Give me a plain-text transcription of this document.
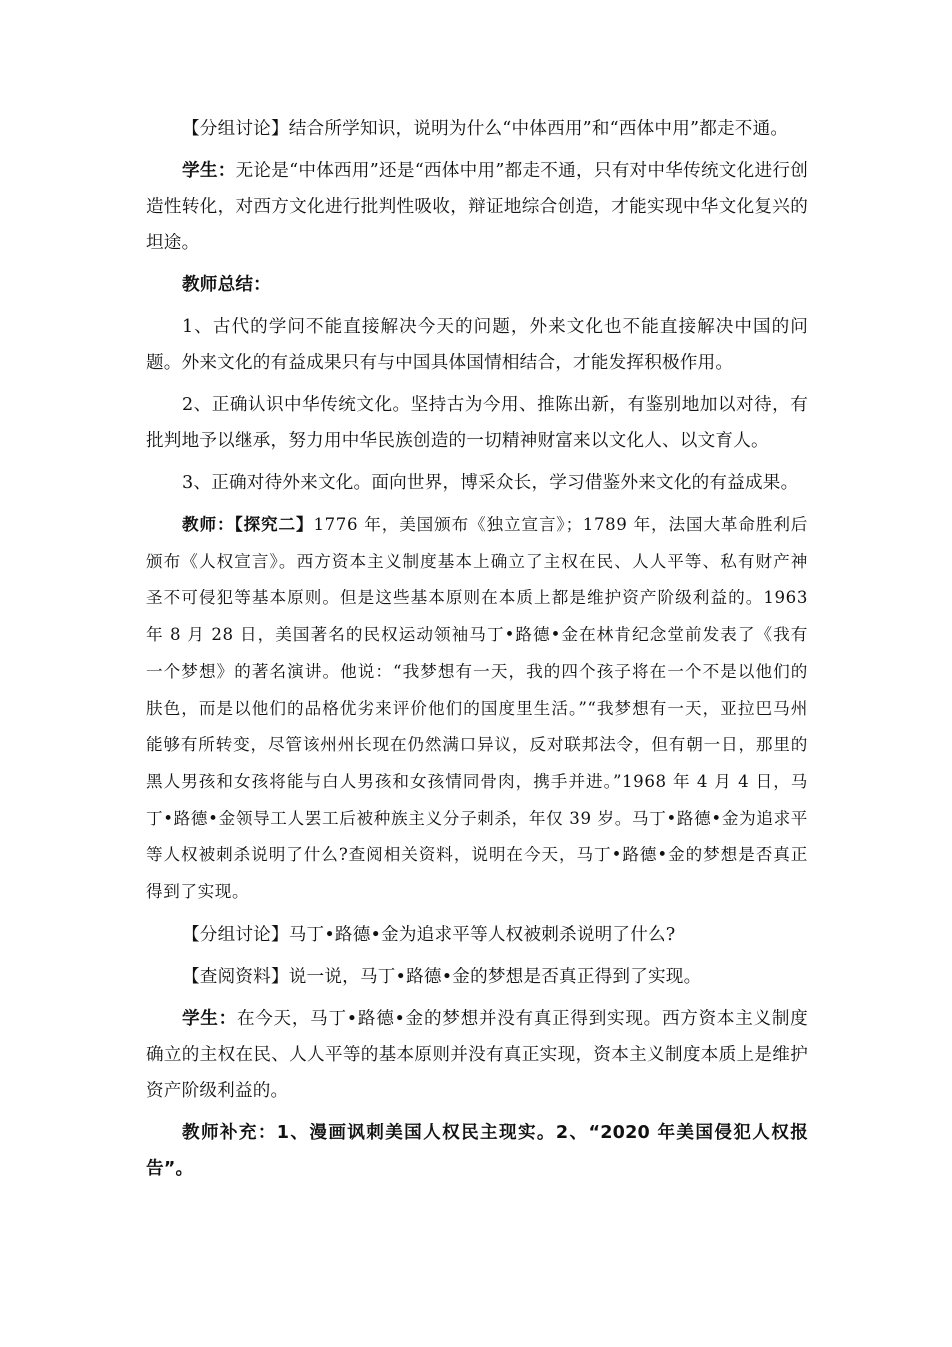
【分组讨论】结合所学知识，说明为什么“中体西用”和“西体中用”都走不通。

学生：无论是“中体西用”还是“西体中用”都走不通，只有对中华传统文化进行创造性转化，对西方文化进行批判性吸收，辩证地综合创造，才能实现中华文化复兴的坦途。

教师总结：

1、古代的学问不能直接解决今天的问题，外来文化也不能直接解决中国的问题。外来文化的有益成果只有与中国具体国情相结合，才能发挥积极作用。

2、正确认识中华传统文化。坚持古为今用、推陈出新，有鉴别地加以对待，有批判地予以继承，努力用中华民族创造的一切精神财富来以文化人、以文育人。

3、正确对待外来文化。面向世界，博采众长，学习借鉴外来文化的有益成果。

教师：【探究二】1776 年，美国颁布《独立宣言》；1789 年，法国大革命胜利后颁布《人权宣言》。西方资本主义制度基本上确立了主权在民、人人平等、私有财产神圣不可侵犯等基本原则。但是这些基本原则在本质上都是维护资产阶级利益的。1963 年 8 月 28 日，美国著名的民权运动领袖马丁•路德•金在林肯纪念堂前发表了《我有一个梦想》的著名演讲。他说：“我梦想有一天，我的四个孩子将在一个不是以他们的肤色，而是以他们的品格优劣来评价他们的国度里生活。”“我梦想有一天，亚拉巴马州能够有所转变，尽管该州州长现在仍然满口异议，反对联邦法令，但有朝一日，那里的黑人男孩和女孩将能与白人男孩和女孩情同骨肉，携手并进。”1968 年 4 月 4 日，马丁•路德•金领导工人罢工后被种族主义分子刺杀，年仅 39 岁。马丁•路德•金为追求平等人权被刺杀说明了什么?查阅相关资料，说明在今天，马丁•路德•金的梦想是否真正得到了实现。

【分组讨论】马丁•路德•金为追求平等人权被刺杀说明了什么?

【查阅资料】说一说，马丁•路德•金的梦想是否真正得到了实现。

学生：在今天，马丁•路德•金的梦想并没有真正得到实现。西方资本主义制度确立的主权在民、人人平等的基本原则并没有真正实现，资本主义制度本质上是维护资产阶级利益的。

教师补充：1、漫画讽刺美国人权民主现实。2、“2020 年美国侵犯人权报告”。
